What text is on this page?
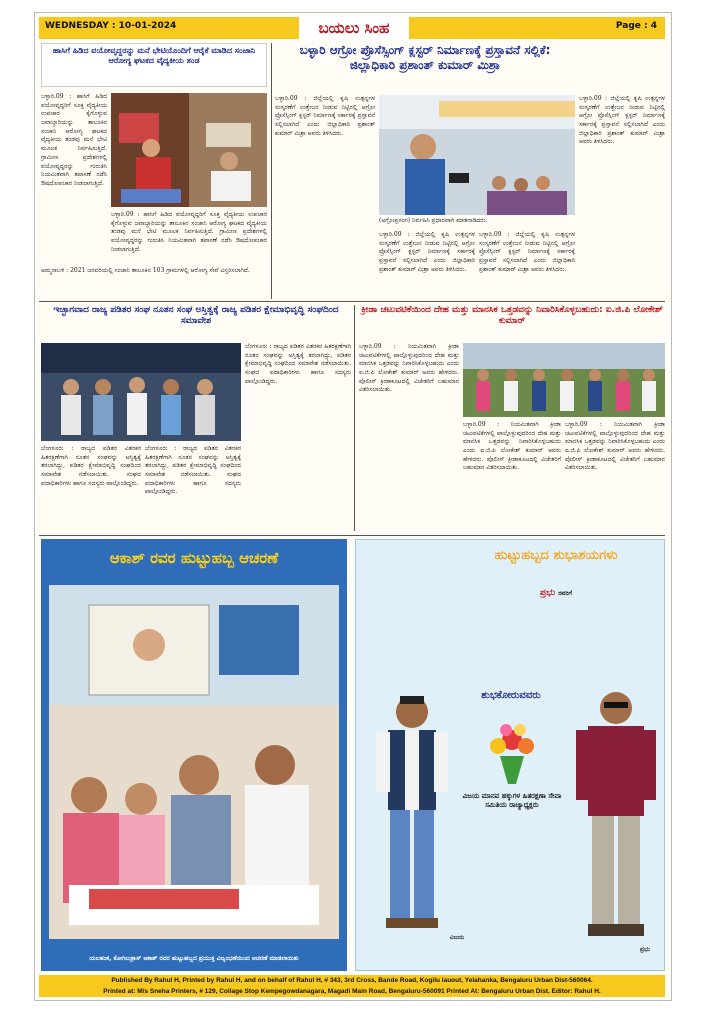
WEDNESDAY : 10-01-2024	ಬಯಲು ಸಿಂಹ	Page : 4
ಹಾಸಿಗೆ ಹಿಡಿದ ವಯೋವೃದ್ದರನ್ನು ಮನೆ ಭೇಟಿಯೊಂದಿಗೆ ಆರೈಕೆ ಮಾಡಿದ ಸಂಜಾನಿ ಆರೋಗ್ಯ ಘಟಕದ ವೈದ್ಯಕೀಯ ತಂಡ
ಬಳ್ಳಾರಿ.09 : ಹಾಸಿಗೆ ಹಿಡಿದ ವಯೋವೃದ್ಧರಿಗೆ ಸೂಕ್ತ ವೈದ್ಯಕೀಯ ಉಪಚಾರ ಕೈಗೊಳ್ಳುವ ಜವಾಬ್ದಾರಿಯನ್ನು ತಾಲೂಕಿನ ಸಂಜಾನಿ ಆರೋಗ್ಯ ಘಟಕದ ವೈದ್ಯಕೀಯ ತಂಡವು ಮನೆ ಭೇಟಿ ಮೂಲಕ ನಿರ್ವಹಿಸುತ್ತಿದೆ. ಗ್ರಾಮೀಣ ಪ್ರದೇಶಗಳಲ್ಲಿ ವಯೋವೃದ್ಧರನ್ನು ಗುರುತಿಸಿ ನಿಯಮಿತವಾಗಿ ತಪಾಸಣೆ ನಡೆಸಿ ಔಷಧೋಪಚಾರ ನೀಡಲಾಗುತ್ತಿದೆ.
ಬಳ್ಳಾರಿ.09 : ಹಾಸಿಗೆ ಹಿಡಿದ ವಯೋವೃದ್ಧರಿಗೆ ಸೂಕ್ತ ವೈದ್ಯಕೀಯ ಉಪಚಾರ ಕೈಗೊಳ್ಳುವ ಜವಾಬ್ದಾರಿಯನ್ನು ತಾಲೂಕಿನ ಸಂಜಾನಿ ಆರೋಗ್ಯ ಘಟಕದ ವೈದ್ಯಕೀಯ ತಂಡವು ಮನೆ ಭೇಟಿ ಮೂಲಕ ನಿರ್ವಹಿಸುತ್ತಿದೆ. ಗ್ರಾಮೀಣ ಪ್ರದೇಶಗಳಲ್ಲಿ ವಯೋವೃದ್ಧರನ್ನು ಗುರುತಿಸಿ ನಿಯಮಿತವಾಗಿ ತಪಾಸಣೆ ನಡೆಸಿ ಔಷಧೋಪಚಾರ ನೀಡಲಾಗುತ್ತಿದೆ.
ಅಮ್ಮನಾಬಳಿ : 2021 ಜನವರಿಯಲ್ಲಿ ಸಂಜಾನಿ ತಾಲೂಕಿನ 103 ಗ್ರಾಮಗಳಲ್ಲಿ ಆರೋಗ್ಯ ಸೇವೆ ವಿಸ್ತರಿಸಲಾಗಿದೆ.
ಬಳ್ಳಾರಿ ಆಗ್ರೋ ಪ್ರೊಸೆಸ್ಸಿಂಗ್ ಕ್ಲಸ್ಟರ್ ನಿರ್ಮಾಣಕ್ಕೆ ಪ್ರಸ್ತಾವನೆ ಸಲ್ಲಿಕೆ: ಜಿಲ್ಲಾಧಿಕಾರಿ ಪ್ರಶಾಂತ್ ಕುಮಾರ್ ಮಿಶ್ರಾ
ಬಳ್ಳಾರಿ.09 : ಜಿಲ್ಲೆಯಲ್ಲಿ ಕೃಷಿ ಉತ್ಪನ್ನಗಳ ಸಂಸ್ಕರಣೆಗೆ ಉತ್ತೇಜನ ನೀಡುವ ನಿಟ್ಟಿನಲ್ಲಿ ಆಗ್ರೋ ಪ್ರೊಸೆಸ್ಸಿಂಗ್ ಕ್ಲಸ್ಟರ್ ನಿರ್ಮಾಣಕ್ಕೆ ಸರ್ಕಾರಕ್ಕೆ ಪ್ರಸ್ತಾವನೆ ಸಲ್ಲಿಸಲಾಗಿದೆ ಎಂದು ಜಿಲ್ಲಾಧಿಕಾರಿ ಪ್ರಶಾಂತ್ ಕುಮಾರ್ ಮಿಶ್ರಾ ಅವರು ತಿಳಿಸಿದರು.
(ಅಗ್ರೋಪ್ರಸಂಗ) ನಿರ್ವಹಿಸಿ ಪ್ರಧಾನವಾಗಿ ಮಾತನಾಡಿದರು.
ಬಳ್ಳಾರಿ.09 : ಜಿಲ್ಲೆಯಲ್ಲಿ ಕೃಷಿ ಉತ್ಪನ್ನಗಳ ಸಂಸ್ಕರಣೆಗೆ ಉತ್ತೇಜನ ನೀಡುವ ನಿಟ್ಟಿನಲ್ಲಿ ಆಗ್ರೋ ಪ್ರೊಸೆಸ್ಸಿಂಗ್ ಕ್ಲಸ್ಟರ್ ನಿರ್ಮಾಣಕ್ಕೆ ಸರ್ಕಾರಕ್ಕೆ ಪ್ರಸ್ತಾವನೆ ಸಲ್ಲಿಸಲಾಗಿದೆ ಎಂದು ಜಿಲ್ಲಾಧಿಕಾರಿ ಪ್ರಶಾಂತ್ ಕುಮಾರ್ ಮಿಶ್ರಾ ಅವರು ತಿಳಿಸಿದರು.
ಬಳ್ಳಾರಿ.09 : ಜಿಲ್ಲೆಯಲ್ಲಿ ಕೃಷಿ ಉತ್ಪನ್ನಗಳ ಸಂಸ್ಕರಣೆಗೆ ಉತ್ತೇಜನ ನೀಡುವ ನಿಟ್ಟಿನಲ್ಲಿ ಆಗ್ರೋ ಪ್ರೊಸೆಸ್ಸಿಂಗ್ ಕ್ಲಸ್ಟರ್ ನಿರ್ಮಾಣಕ್ಕೆ ಸರ್ಕಾರಕ್ಕೆ ಪ್ರಸ್ತಾವನೆ ಸಲ್ಲಿಸಲಾಗಿದೆ ಎಂದು ಜಿಲ್ಲಾಧಿಕಾರಿ ಪ್ರಶಾಂತ್ ಕುಮಾರ್ ಮಿಶ್ರಾ ಅವರು ತಿಳಿಸಿದರು.
ಬಳ್ಳಾರಿ.09 : ಜಿಲ್ಲೆಯಲ್ಲಿ ಕೃಷಿ ಉತ್ಪನ್ನಗಳ ಸಂಸ್ಕರಣೆಗೆ ಉತ್ತೇಜನ ನೀಡುವ ನಿಟ್ಟಿನಲ್ಲಿ ಆಗ್ರೋ ಪ್ರೊಸೆಸ್ಸಿಂಗ್ ಕ್ಲಸ್ಟರ್ ನಿರ್ಮಾಣಕ್ಕೆ ಸರ್ಕಾರಕ್ಕೆ ಪ್ರಸ್ತಾವನೆ ಸಲ್ಲಿಸಲಾಗಿದೆ ಎಂದು ಜಿಲ್ಲಾಧಿಕಾರಿ ಪ್ರಶಾಂತ್ ಕುಮಾರ್ ಮಿಶ್ರಾ ಅವರು ತಿಳಿಸಿದರು.
ಇಚ್ಛಾಗವಾದ ರಾಜ್ಯ ಪಡಿತರ ಸಂಘ ನೂತನ ಸಂಘ ಅಸ್ತಿತ್ವಕ್ಕೆ ರಾಜ್ಯ ಪಡಿತರ ಕ್ಷೇಮಾಭಿವೃದ್ಧಿ ಸಂಘದಿಂದ ಸಮಾವೇಶ
ಬೆಂಗಳೂರು : ರಾಜ್ಯದ ಪಡಿತರ ವಿತರಕರ ಹಿತರಕ್ಷಣೆಗಾಗಿ ನೂತನ ಸಂಘವನ್ನು ಅಸ್ತಿತ್ವಕ್ಕೆ ತರಲಾಗಿದ್ದು, ಪಡಿತರ ಕ್ಷೇಮಾಭಿವೃದ್ಧಿ ಸಂಘದಿಂದ ಸಮಾವೇಶ ನಡೆಸಲಾಯಿತು. ಸಂಘದ ಪದಾಧಿಕಾರಿಗಳು ಹಾಗೂ ಸದಸ್ಯರು ಪಾಲ್ಗೊಂಡಿದ್ದರು.
ಬೆಂಗಳೂರು : ರಾಜ್ಯದ ಪಡಿತರ ವಿತರಕರ ಹಿತರಕ್ಷಣೆಗಾಗಿ ನೂತನ ಸಂಘವನ್ನು ಅಸ್ತಿತ್ವಕ್ಕೆ ತರಲಾಗಿದ್ದು, ಪಡಿತರ ಕ್ಷೇಮಾಭಿವೃದ್ಧಿ ಸಂಘದಿಂದ ಸಮಾವೇಶ ನಡೆಸಲಾಯಿತು. ಸಂಘದ ಪದಾಧಿಕಾರಿಗಳು ಹಾಗೂ ಸದಸ್ಯರು ಪಾಲ್ಗೊಂಡಿದ್ದರು.
ಬೆಂಗಳೂರು : ರಾಜ್ಯದ ಪಡಿತರ ವಿತರಕರ ಹಿತರಕ್ಷಣೆಗಾಗಿ ನೂತನ ಸಂಘವನ್ನು ಅಸ್ತಿತ್ವಕ್ಕೆ ತರಲಾಗಿದ್ದು, ಪಡಿತರ ಕ್ಷೇಮಾಭಿವೃದ್ಧಿ ಸಂಘದಿಂದ ಸಮಾವೇಶ ನಡೆಸಲಾಯಿತು. ಸಂಘದ ಪದಾಧಿಕಾರಿಗಳು ಹಾಗೂ ಸದಸ್ಯರು ಪಾಲ್ಗೊಂಡಿದ್ದರು.
ಕ್ರೀಡಾ ಚಟುವಟಿಕೆಯಿಂದ ದೇಹ ಮತ್ತು ಮಾನಸಿಕ ಒತ್ತಡವನ್ನು ನಿವಾರಿಸಿಕೊಳ್ಳಬಹುದು: ಐ.ಜಿ.ಪಿ ಲೋಕೇಶ್ ಕುಮಾರ್
ಬಳ್ಳಾರಿ.09 : ನಿಯಮಿತವಾಗಿ ಕ್ರೀಡಾ ಚಟುವಟಿಕೆಗಳಲ್ಲಿ ಪಾಲ್ಗೊಳ್ಳುವುದರಿಂದ ದೇಹ ಮತ್ತು ಮಾನಸಿಕ ಒತ್ತಡವನ್ನು ನಿವಾರಿಸಿಕೊಳ್ಳಬಹುದು ಎಂದು ಐ.ಜಿ.ಪಿ ಲೋಕೇಶ್ ಕುಮಾರ್ ಅವರು ಹೇಳಿದರು. ಪೊಲೀಸ್ ಕ್ರೀಡಾಕೂಟದಲ್ಲಿ ವಿಜೇತರಿಗೆ ಬಹುಮಾನ ವಿತರಿಸಲಾಯಿತು.
ಬಳ್ಳಾರಿ.09 : ನಿಯಮಿತವಾಗಿ ಕ್ರೀಡಾ ಚಟುವಟಿಕೆಗಳಲ್ಲಿ ಪಾಲ್ಗೊಳ್ಳುವುದರಿಂದ ದೇಹ ಮತ್ತು ಮಾನಸಿಕ ಒತ್ತಡವನ್ನು ನಿವಾರಿಸಿಕೊಳ್ಳಬಹುದು ಎಂದು ಐ.ಜಿ.ಪಿ ಲೋಕೇಶ್ ಕುಮಾರ್ ಅವರು ಹೇಳಿದರು. ಪೊಲೀಸ್ ಕ್ರೀಡಾಕೂಟದಲ್ಲಿ ವಿಜೇತರಿಗೆ ಬಹುಮಾನ ವಿತರಿಸಲಾಯಿತು.
ಬಳ್ಳಾರಿ.09 : ನಿಯಮಿತವಾಗಿ ಕ್ರೀಡಾ ಚಟುವಟಿಕೆಗಳಲ್ಲಿ ಪಾಲ್ಗೊಳ್ಳುವುದರಿಂದ ದೇಹ ಮತ್ತು ಮಾನಸಿಕ ಒತ್ತಡವನ್ನು ನಿವಾರಿಸಿಕೊಳ್ಳಬಹುದು ಎಂದು ಐ.ಜಿ.ಪಿ ಲೋಕೇಶ್ ಕುಮಾರ್ ಅವರು ಹೇಳಿದರು. ಪೊಲೀಸ್ ಕ್ರೀಡಾಕೂಟದಲ್ಲಿ ವಿಜೇತರಿಗೆ ಬಹುಮಾನ ವಿತರಿಸಲಾಯಿತು.
ಆಕಾಶ್ ರವರ ಹುಟ್ಟುಹಬ್ಬ ಆಚರಣೆ
ಯಲಹಂಕ, ಕೋಗಿಲುಕ್ರಾಸ್ ಆಕಾಶ್ ರವರ ಹುಟ್ಟುಹಬ್ಬದ ಪ್ರಯುಕ್ತ ವಿಜೃಂಭಣೆಯಿಂದ ಆಚರಣೆ ಮಾಡಲಾಯಿತು
ಹುಟ್ಟುಹಬ್ಬದ ಶುಭಾಶಯಗಳು
ಪ್ರಭು ರವರಿಗೆ
ಶುಭಕೋರುವವರು
ವಿಜಯ ಮಾನವ ಹಕ್ಕುಗಳ ಹಿತರಕ್ಷಣಾ ಸೇವಾ ಸಮಿತಿಯ ರಾಜ್ಯಾಧ್ಯಕ್ಷರು
ವಿಜಯ
ಪ್ರಭು
Published By Rahul H, Printed by Rahul H, and on behalf of Rahul H, # 343, 3rd Cross, Bande Road, Kogilu lauout, Yelahanka, Bengaluru Urban Dist-560064.
Printed at: M/s Sneha Printers, # 129, Collage Stop Kempegowdanagara, Magadi Main Road, Bengaluru-560091 Printed At: Bengaluru Urban Dist. Editor: Rahul H.
